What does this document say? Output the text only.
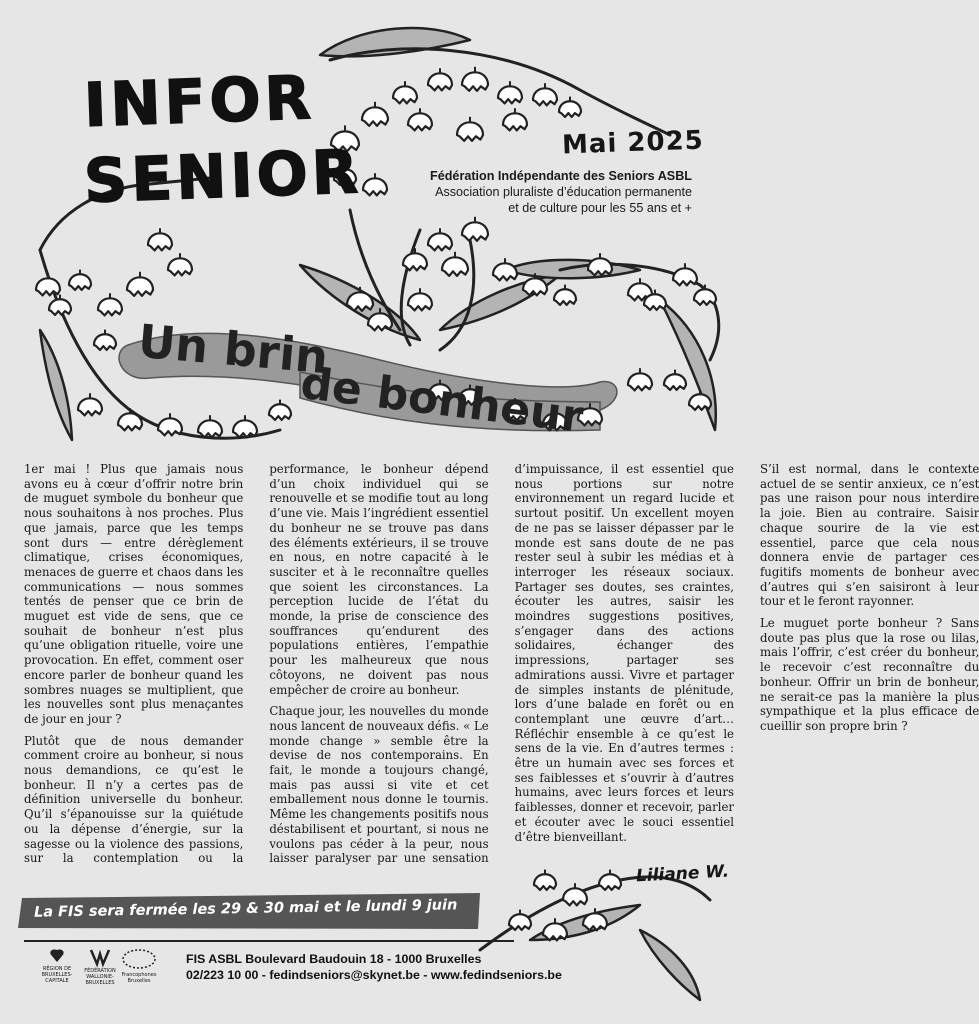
INFOR
SENIOR	Mai 2025
Fédération Indépendante des Seniors ASBL
Association pluraliste d’éducation permanente
et de culture pour les 55 ans et +
Un brin
de bonheur

1er mai ! Plus que jamais nous avons eu à cœur d’offrir notre brin de muguet symbole du bonheur que nous souhaitons à nos proches. Plus que jamais, parce que les temps sont durs — entre dérèglement climatique, crises économiques, menaces de guerre et chaos dans les communications — nous sommes tentés de penser que ce brin de muguet est vide de sens, que ce souhait de bonheur n’est plus qu’une obligation rituelle, voire une provocation. En effet, comment oser encore parler de bonheur quand les sombres nuages se multiplient, que les nouvelles sont plus menaçantes de jour en jour ?

Plutôt que de nous demander comment croire au bonheur, si nous nous demandions, ce qu’est le bonheur. Il n’y a certes pas de définition universelle du bonheur. Qu’il s’épanouisse sur la quiétude ou la dépense d’énergie, sur la sagesse ou la violence des passions, sur la contemplation ou la performance, le bonheur dépend d’un choix individuel qui se renouvelle et se modifie tout au long d’une vie. Mais l’ingrédient essentiel du bonheur ne se trouve pas dans des éléments extérieurs, il se trouve en nous, en notre capacité à le susciter et à le reconnaître quelles que soient les circonstances. La perception lucide de l’état du monde, la prise de conscience des souffrances qu’endurent des populations entières, l’empathie pour les malheureux que nous côtoyons, ne doivent pas nous empêcher de croire au bonheur.

Chaque jour, les nouvelles du monde nous lancent de nouveaux défis. « Le monde change » semble être la devise de nos contemporains. En fait, le monde a toujours changé, mais pas aussi si vite et cet emballement nous donne le tournis. Même les changements positifs nous déstabilisent et pourtant, si nous ne voulons pas céder à la peur, nous laisser paralyser par une sensation d’impuissance, il est essentiel que nous portions sur notre environnement un regard lucide et surtout positif. Un excellent moyen de ne pas se laisser dépasser par le monde est sans doute de ne pas rester seul à subir les médias et à interroger les réseaux sociaux. Partager ses doutes, ses craintes, écouter les autres, saisir les moindres suggestions positives, s’engager dans des actions solidaires, échanger des impressions, partager ses admirations aussi. Vivre et partager de simples instants de plénitude, lors d’une balade en forêt ou en contemplant une œuvre d’art… Réfléchir ensemble à ce qu’est le sens de la vie. En d’autres termes : être un humain avec ses forces et ses faiblesses et s’ouvrir à d’autres humains, avec leurs forces et leurs faiblesses, donner et recevoir, parler et écouter avec le souci essentiel d’être bienveillant.

S’il est normal, dans le contexte actuel de se sentir anxieux, ce n’est pas une raison pour nous interdire la joie. Bien au contraire. Saisir chaque sourire de la vie est essentiel, parce que cela nous donnera envie de partager ces fugitifs moments de bonheur avec d’autres qui s’en saisiront à leur tour et le feront rayonner.

Le muguet porte bonheur ? Sans doute pas plus que la rose ou lilas, mais l’offrir, c’est créer du bonheur, le recevoir c’est reconnaître du bonheur. Offrir un brin de bonheur, ne serait-ce pas la manière la plus sympathique et la plus efficace de cueillir son propre brin ?

Liliane W.
La FIS sera fermée les 29 & 30 mai et le lundi 9 juin
RÉGION DE BRUXELLES-CAPITALE
FÉDÉRATION WALLONIE-BRUXELLES
Francophones Bruxelles
FIS ASBL Boulevard Baudouin 18 - 1000 Bruxelles
02/223 10 00 - fedindseniors@skynet.be - www.fedindseniors.be
